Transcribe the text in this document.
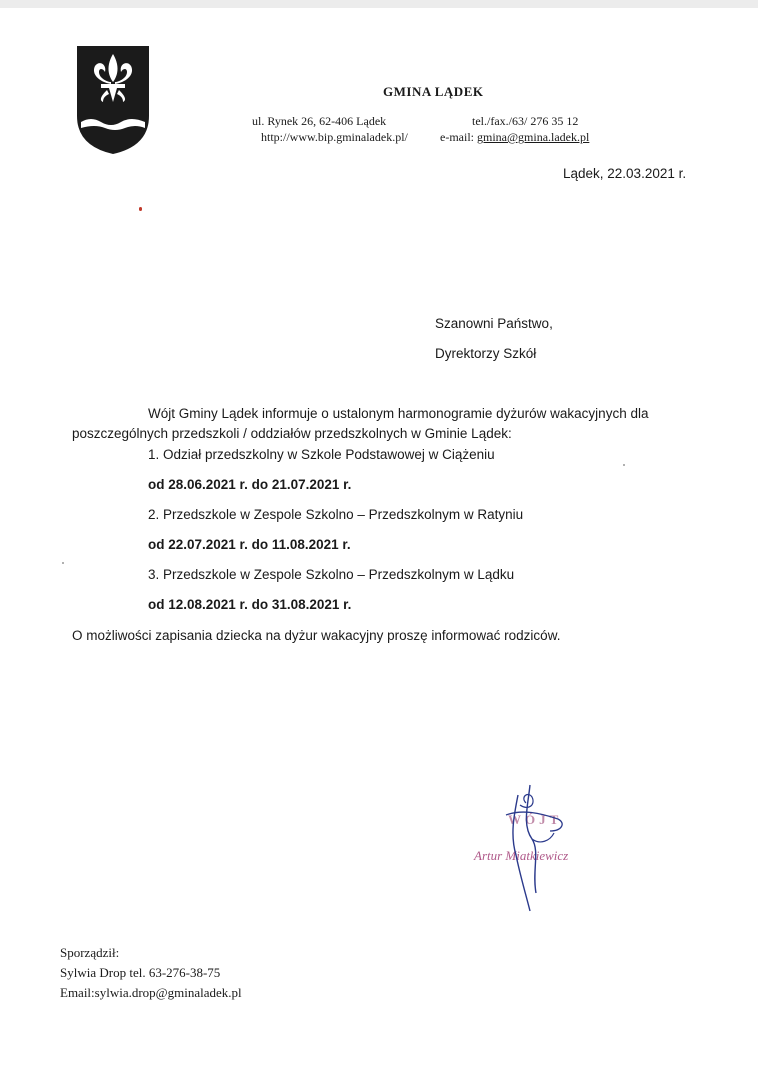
GMINA LĄDEK
ul. Rynek 26, 62-406 Lądek	tel./fax./63/ 276 35 12
http://www.bip.gminaladek.pl/	e-mail: gmina@gmina.ladek.pl
Lądek, 22.03.2021 r.
Szanowni Państwo,
Dyrektorzy Szkół
Wójt Gminy Lądek informuje o ustalonym harmonogramie dyżurów wakacyjnych dla
poszczególnych przedszkoli / oddziałów przedszkolnych w Gminie Lądek:
1. Odział przedszkolny w Szkole Podstawowej w Ciążeniu
od 28.06.2021 r. do 21.07.2021 r.
2. Przedszkole w Zespole Szkolno – Przedszkolnym w Ratyniu
od 22.07.2021 r. do 11.08.2021 r.
3. Przedszkole w Zespole Szkolno – Przedszkolnym w Lądku
od 12.08.2021 r. do 31.08.2021 r.
O możliwości zapisania dziecka na dyżur wakacyjny proszę informować rodziców.
WÓJT
Artur Miatkiewicz
Sporządził:
Sylwia Drop tel. 63-276-38-75
Email:sylwia.drop@gminaladek.pl
